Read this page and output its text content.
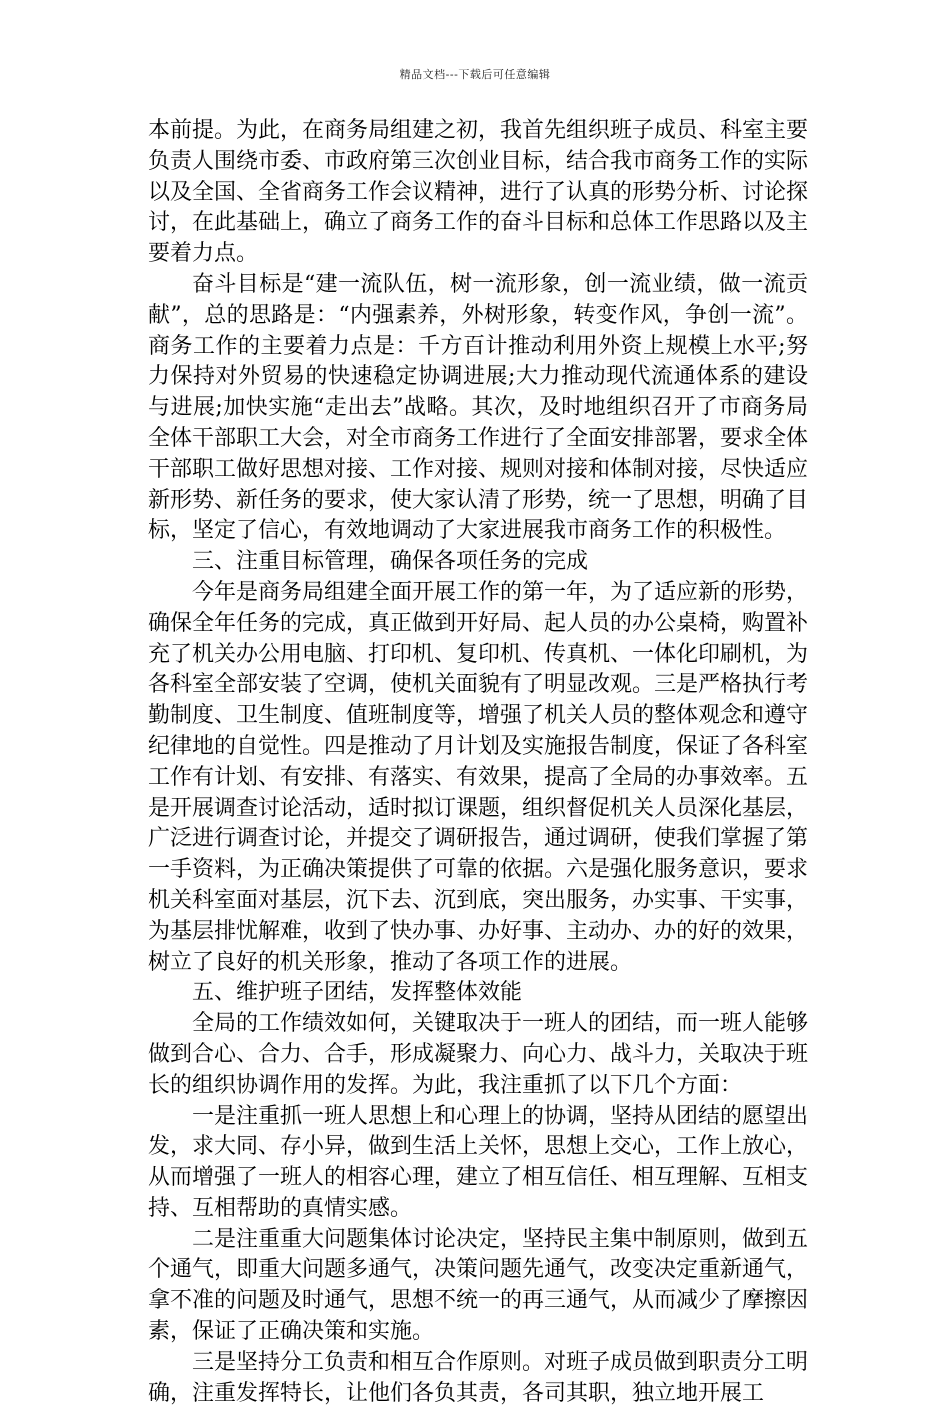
精品文档---下载后可任意编辑

本前提。为此，在商务局组建之初，我首先组织班子成员、科室主要负责人围绕市委、市政府第三次创业目标，结合我市商务工作的实际以及全国、全省商务工作会议精神，进行了认真的形势分析、讨论探讨，在此基础上，确立了商务工作的奋斗目标和总体工作思路以及主要着力点。

奋斗目标是“建一流队伍，树一流形象，创一流业绩，做一流贡献”，总的思路是：“内强素养，外树形象，转变作风，争创一流”。商务工作的主要着力点是：千方百计推动利用外资上规模上水平;努力保持对外贸易的快速稳定协调进展;大力推动现代流通体系的建设与进展;加快实施“走出去”战略。其次，及时地组织召开了市商务局全体干部职工大会，对全市商务工作进行了全面安排部署，要求全体干部职工做好思想对接、工作对接、规则对接和体制对接，尽快适应新形势、新任务的要求，使大家认清了形势，统一了思想，明确了目标，坚定了信心，有效地调动了大家进展我市商务工作的积极性。

三、注重目标管理，确保各项任务的完成

今年是商务局组建全面开展工作的第一年，为了适应新的形势，确保全年任务的完成，真正做到开好局、起人员的办公桌椅，购置补充了机关办公用电脑、打印机、复印机、传真机、一体化印刷机，为各科室全部安装了空调，使机关面貌有了明显改观。三是严格执行考勤制度、卫生制度、值班制度等，增强了机关人员的整体观念和遵守纪律地的自觉性。四是推动了月计划及实施报告制度，保证了各科室工作有计划、有安排、有落实、有效果，提高了全局的办事效率。五是开展调查讨论活动，适时拟订课题，组织督促机关人员深化基层，广泛进行调查讨论，并提交了调研报告，通过调研，使我们掌握了第一手资料，为正确决策提供了可靠的依据。六是强化服务意识，要求机关科室面对基层，沉下去、沉到底，突出服务，办实事、干实事，为基层排忧解难，收到了快办事、办好事、主动办、办的好的效果，树立了良好的机关形象，推动了各项工作的进展。

五、维护班子团结，发挥整体效能

全局的工作绩效如何，关键取决于一班人的团结，而一班人能够做到合心、合力、合手，形成凝聚力、向心力、战斗力，关取决于班长的组织协调作用的发挥。为此，我注重抓了以下几个方面：

一是注重抓一班人思想上和心理上的协调，坚持从团结的愿望出发，求大同、存小异，做到生活上关怀，思想上交心，工作上放心，从而增强了一班人的相容心理，建立了相互信任、相互理解、互相支持、互相帮助的真情实感。

二是注重重大问题集体讨论决定，坚持民主集中制原则，做到五个通气，即重大问题多通气，决策问题先通气，改变决定重新通气，拿不准的问题及时通气，思想不统一的再三通气，从而减少了摩擦因素，保证了正确决策和实施。

三是坚持分工负责和相互合作原则。对班子成员做到职责分工明确，注重发挥特长，让他们各负其责，各司其职，独立地开展工
